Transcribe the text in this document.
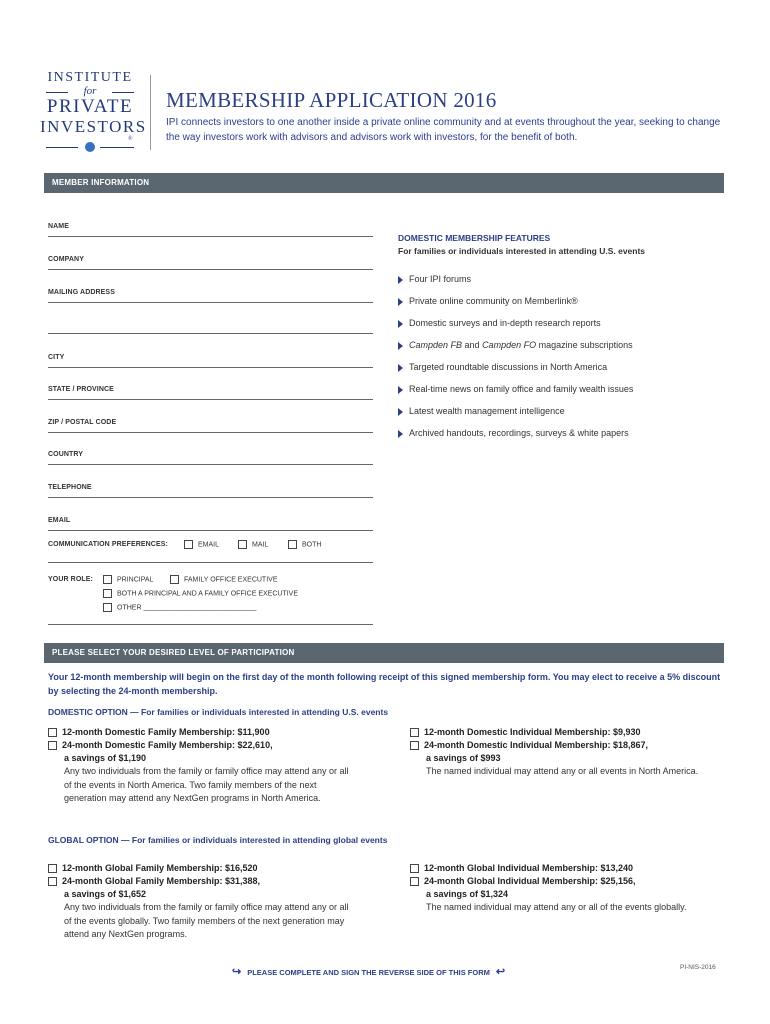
INSTITUTE
for
PRIVATE
INVESTORS
®
MEMBERSHIP APPLICATION 2016
IPI connects investors to one another inside a private online community and at events throughout the year, seeking to change the way investors work with advisors and advisors work with investors, for the benefit of both.
MEMBER INFORMATION
NAME
COMPANY
MAILING ADDRESS
CITY
STATE / PROVINCE
ZIP / POSTAL CODE
COUNTRY
TELEPHONE
EMAIL
COMMUNICATION PREFERENCES:	EMAIL	MAIL	BOTH
YOUR ROLE:	PRINCIPAL	FAMILY OFFICE EXECUTIVE
BOTH A PRINCIPAL AND A FAMILY OFFICE EXECUTIVE
OTHER _____________________________
DOMESTIC MEMBERSHIP FEATURES
For families or individuals interested in attending U.S. events
Four IPI forums
Private online community on Memberlink®
Domestic surveys and in-depth research reports
Campden FB and Campden FO magazine subscriptions
Targeted roundtable discussions in North America
Real-time news on family office and family wealth issues
Latest wealth management intelligence
Archived handouts, recordings, surveys & white papers
PLEASE SELECT YOUR DESIRED LEVEL OF PARTICIPATION
Your 12-month membership will begin on the first day of the month following receipt of this signed membership form. You may elect to receive a 5% discount by selecting the 24-month membership.
DOMESTIC OPTION — For families or individuals interested in attending U.S. events
12-month Domestic Family Membership: $11,900
24-month Domestic Family Membership: $22,610,
a savings of $1,190
Any two individuals from the family or family office may attend any or all of the events in North America. Two family members of the next generation may attend any NextGen programs in North America.
12-month Domestic Individual Membership: $9,930
24-month Domestic Individual Membership: $18,867,
a savings of $993
The named individual may attend any or all events in North America.
GLOBAL OPTION — For families or individuals interested in attending global events
12-month Global Family Membership: $16,520
24-month Global Family Membership: $31,388,
a savings of $1,652
Any two individuals from the family or family office may attend any or all of the events globally. Two family members of the next generation may attend any NextGen programs.
12-month Global Individual Membership: $13,240
24-month Global Individual Membership: $25,156,
a savings of $1,324
The named individual may attend any or all of the events globally.
↪ PLEASE COMPLETE AND SIGN THE REVERSE SIDE OF THIS FORM ↩	PI-NIS-2016
